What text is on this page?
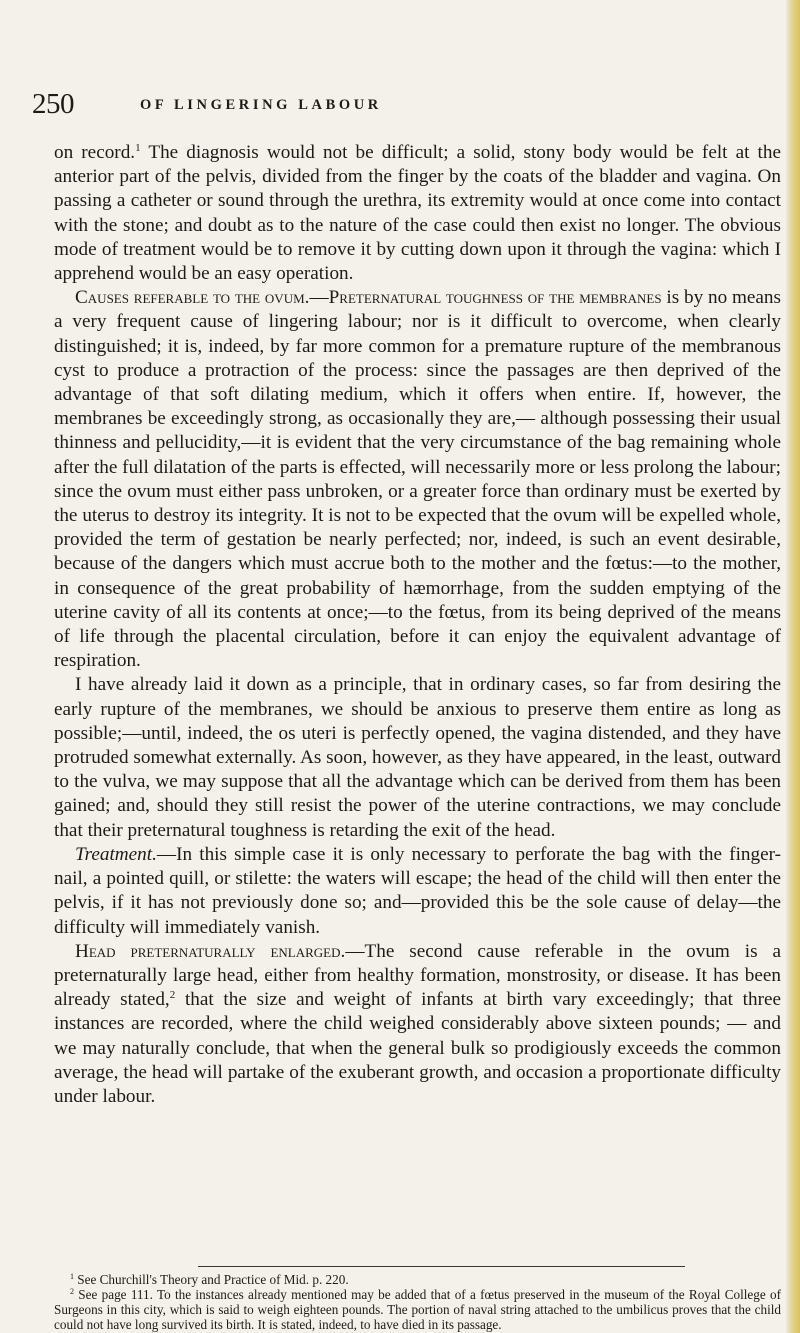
250	OF LINGERING LABOUR

on record.$^1$ The diagnosis would not be difficult; a solid, stony body would be felt at the anterior part of the pelvis, divided from the finger by the coats of the bladder and vagina. On passing a catheter or sound through the urethra, its extremity would at once come into contact with the stone; and doubt as to the nature of the case could then exist no longer. The obvious mode of treatment would be to remove it by cutting down upon it through the vagina: which I apprehend would be an easy operation.

Causes referable to the ovum.—Preternatural toughness of the membranes is by no means a very frequent cause of lingering labour; nor is it difficult to overcome, when clearly distinguished; it is, indeed, by far more common for a premature rupture of the membranous cyst to produce a protraction of the process: since the passages are then deprived of the advantage of that soft dilating medium, which it offers when entire. If, however, the membranes be exceedingly strong, as occasionally they are,— although possessing their usual thinness and pellucidity,—it is evident that the very circumstance of the bag remaining whole after the full dilatation of the parts is effected, will necessarily more or less prolong the labour; since the ovum must either pass unbroken, or a greater force than ordinary must be exerted by the uterus to destroy its integrity. It is not to be expected that the ovum will be expelled whole, provided the term of gestation be nearly perfected; nor, indeed, is such an event desirable, because of the dangers which must accrue both to the mother and the fœtus:—to the mother, in consequence of the great probability of hæmorrhage, from the sudden emptying of the uterine cavity of all its contents at once;—to the fœtus, from its being deprived of the means of life through the placental circulation, before it can enjoy the equivalent advantage of respiration.

I have already laid it down as a principle, that in ordinary cases, so far from desiring the early rupture of the membranes, we should be anxious to preserve them entire as long as possible;—until, indeed, the os uteri is perfectly opened, the vagina distended, and they have protruded somewhat externally. As soon, however, as they have appeared, in the least, outward to the vulva, we may suppose that all the advantage which can be derived from them has been gained; and, should they still resist the power of the uterine contractions, we may conclude that their preternatural toughness is retarding the exit of the head.

Treatment.—In this simple case it is only necessary to perforate the bag with the finger-nail, a pointed quill, or stilette: the waters will escape; the head of the child will then enter the pelvis, if it has not previously done so; and—provided this be the sole cause of delay—the difficulty will immediately vanish.

Head preternaturally enlarged.—The second cause referable in the ovum is a preternaturally large head, either from healthy formation, monstrosity, or disease. It has been already stated,$^2$ that the size and weight of infants at birth vary exceedingly; that three instances are recorded, where the child weighed considerably above sixteen pounds; — and we may naturally conclude, that when the general bulk so prodigiously exceeds the common average, the head will partake of the exuberant growth, and occasion a proportionate difficulty under labour.

$^1$ See Churchill's Theory and Practice of Mid. p. 220.

$^2$ See page 111. To the instances already mentioned may be added that of a fœtus preserved in the museum of the Royal College of Surgeons in this city, which is said to weigh eighteen pounds. The portion of naval string attached to the umbilicus proves that the child could not have long survived its birth. It is stated, indeed, to have died in its passage.
